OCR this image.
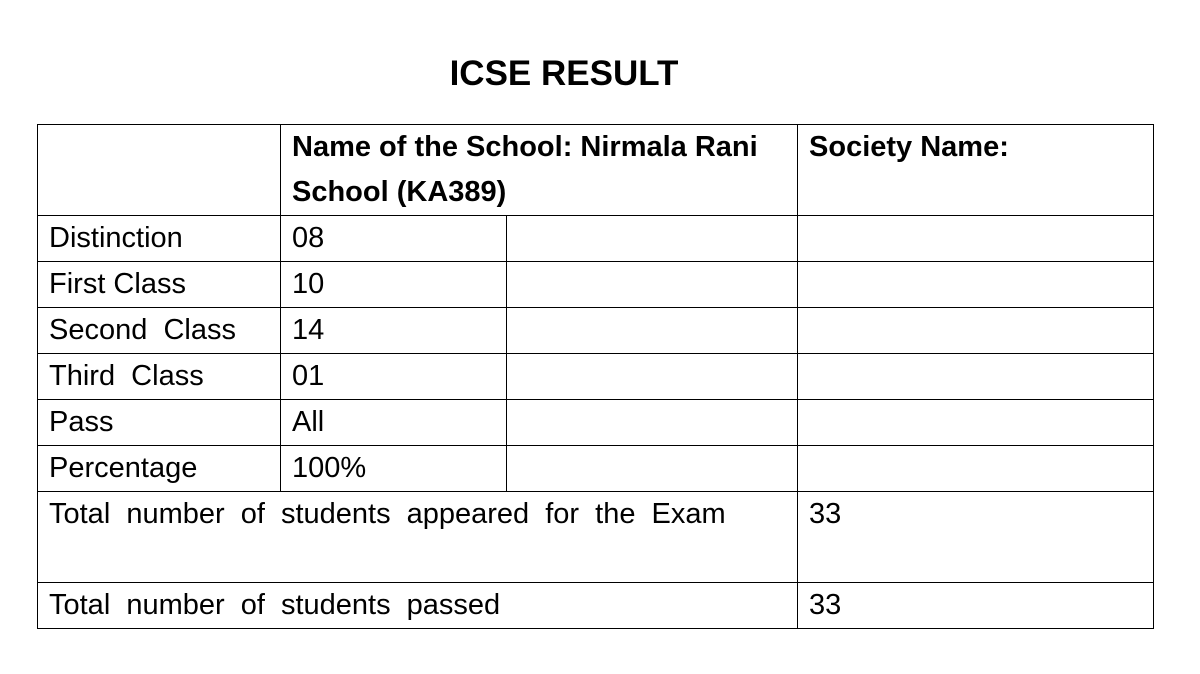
ICSE RESULT
	Name of the School: Nirmala Rani School (KA389)		Society Name:
Distinction	08		
First Class	10		
Second  Class	14		
Third  Class	01		
Pass	All		
Percentage	100%		
Total number of students appeared for the Exam			33
Total number of students passed			33
